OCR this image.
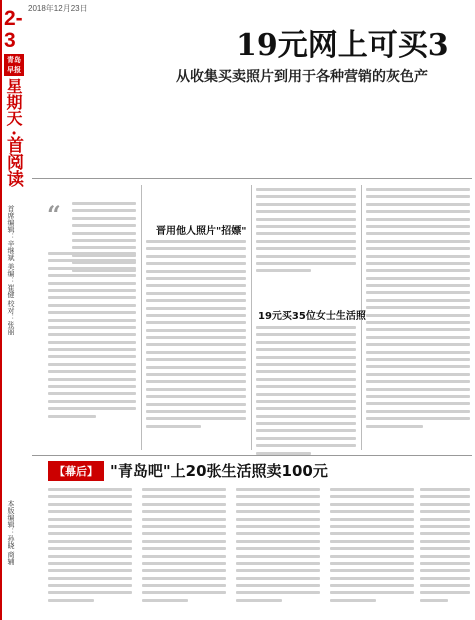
2018年12月23日
2-3
青岛早报
星期天
·首阅读
首席编辑：辛继斌 美编：崔健 校对：张丽
本版编辑：孙晓 商辅
19元网上可买3
从收集买卖照片到用于各种营销的灰色产
“
晋用他人照片"招嫖"
19元买35位女士生活照
【幕后】 "青岛吧"上20张生活照卖100元
